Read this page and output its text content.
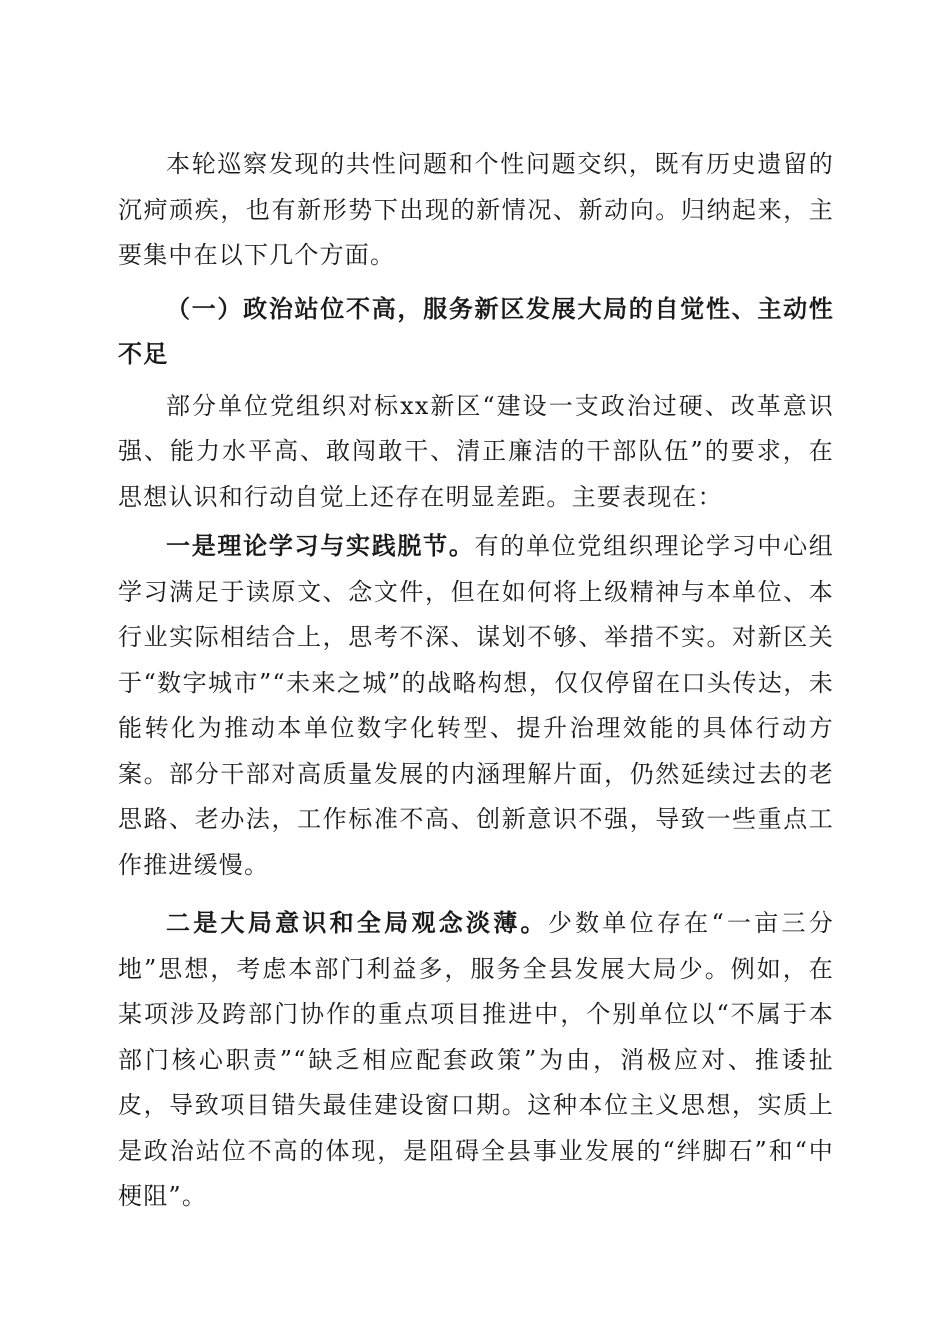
本轮巡察发现的共性问题和个性问题交织，既有历史遗留的沉疴顽疾，也有新形势下出现的新情况、新动向。归纳起来，主要集中在以下几个方面。

（一）政治站位不高，服务新区发展大局的自觉性、主动性不足

部分单位党组织对标xx新区“建设一支政治过硬、改革意识强、能力水平高、敢闯敢干、清正廉洁的干部队伍”的要求，在思想认识和行动自觉上还存在明显差距。主要表现在：

一是理论学习与实践脱节。有的单位党组织理论学习中心组学习满足于读原文、念文件，但在如何将上级精神与本单位、本行业实际相结合上，思考不深、谋划不够、举措不实。对新区关于“数字城市”“未来之城”的战略构想，仅仅停留在口头传达，未能转化为推动本单位数字化转型、提升治理效能的具体行动方案。部分干部对高质量发展的内涵理解片面，仍然延续过去的老思路、老办法，工作标准不高、创新意识不强，导致一些重点工作推进缓慢。

二是大局意识和全局观念淡薄。少数单位存在“一亩三分地”思想，考虑本部门利益多，服务全县发展大局少。例如，在某项涉及跨部门协作的重点项目推进中，个别单位以“不属于本部门核心职责”“缺乏相应配套政策”为由，消极应对、推诿扯皮，导致项目错失最佳建设窗口期。这种本位主义思想，实质上是政治站位不高的体现，是阻碍全县事业发展的“绊脚石”和“中梗阻”。
